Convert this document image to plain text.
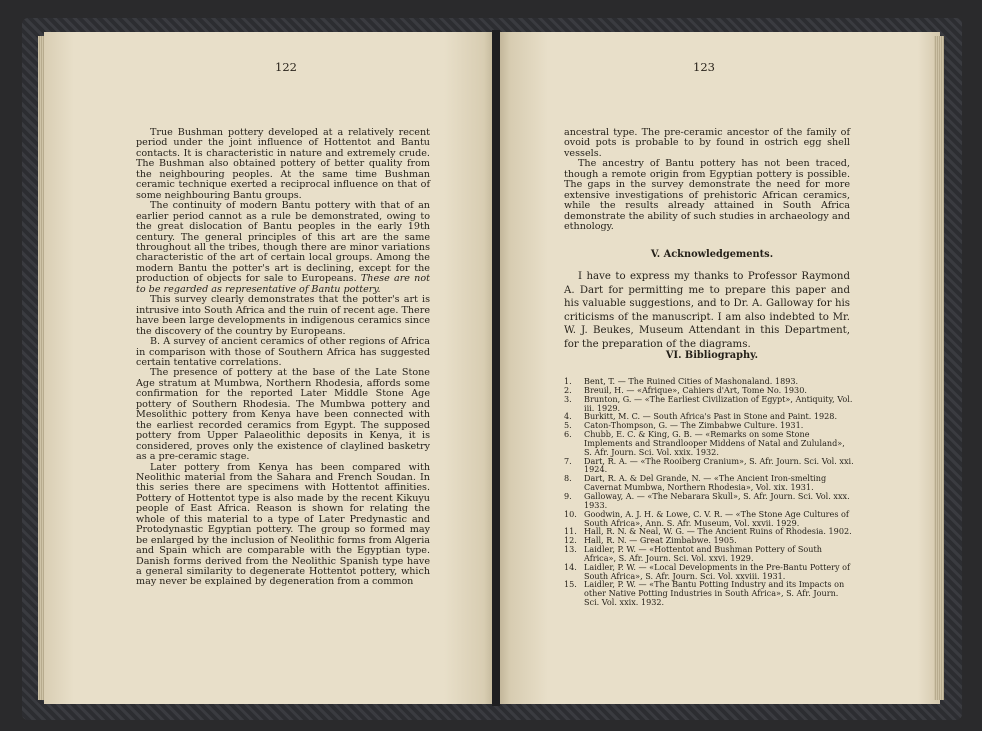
122	123

True Bushman pottery developed at a relatively recent period under the joint influence of Hottentot and Bantu contacts. It is characteristic in nature and extremely crude. The Bushman also obtained pottery of better quality from the neighbouring peoples. At the same time Bushman ceramic technique exerted a reciprocal influence on that of some neighbouring Bantu groups.

The continuity of modern Bantu pottery with that of an earlier period cannot as a rule be demonstrated, owing to the great dislocation of Bantu peoples in the early 19th century. The general principles of this art are the same throughout all the tribes, though there are minor variations characteristic of the art of certain local groups. Among the modern Bantu the potter's art is declining, except for the production of objects for sale to Europeans. These are not to be regarded as representative of Bantu pottery.

This survey clearly demonstrates that the potter's art is intrusive into South Africa and the ruin of recent age. There have been large developments in indigenous ceramics since the discovery of the country by Europeans.

B. A survey of ancient ceramics of other regions of Africa in comparison with those of Southern Africa has suggested certain tentative correlations.

The presence of pottery at the base of the Late Stone Age stratum at Mumbwa, Northern Rhodesia, affords some confirmation for the reported Later Middle Stone Age pottery of Southern Rhodesia. The Mumbwa pottery and Mesolithic pottery from Kenya have been connected with the earliest recorded ceramics from Egypt. The supposed pottery from Upper Palaeolithic deposits in Kenya, it is considered, proves only the existence of claylined basketry as a pre-ceramic stage.

Later pottery from Kenya has been compared with Neolithic material from the Sahara and French Soudan. In this series there are specimens with Hottentot affinities. Pottery of Hottentot type is also made by the recent Kikuyu people of East Africa. Reason is shown for relating the whole of this material to a type of Later Predynastic and Protodynastic Egyptian pottery. The group so formed may be enlarged by the inclusion of Neolithic forms from Algeria and Spain which are comparable with the Egyptian type. Danish forms derived from the Neolithic Spanish type have a general similarity to degenerate Hottentot pottery, which may never be explained by degeneration from a common

ancestral type. The pre-ceramic ancestor of the family of ovoid pots is probable to by found in ostrich egg shell vessels.

The ancestry of Bantu pottery has not been traced, though a remote origin from Egyptian pottery is possible. The gaps in the survey demonstrate the need for more extensive investigations of prehistoric African ceramics, while the results already attained in South Africa demonstrate the ability of such studies in archaeology and ethnology.

V. Acknowledgements.

I have to express my thanks to Professor Raymond A. Dart for permitting me to prepare this paper and his valuable suggestions, and to Dr. A. Galloway for his criticisms of the manuscript. I am also indebted to Mr. W. J. Beukes, Museum Attendant in this Department, for the preparation of the diagrams.

VI. Bibliography.
1.	Bent, T. — The Ruined Cities of Mashonaland. 1893.
2.	Breuil, H. — «Afrique», Cahiers d'Art, Tome No. 1930.
3.	Brunton, G. — «The Earliest Civilization of Egypt», Antiquity, Vol. iii. 1929.
4.	Burkitt, M. C. — South Africa's Past in Stone and Paint. 1928.
5.	Caton-Thompson, G. — The Zimbabwe Culture. 1931.
6.	Chubb, E. C. & King, G. B. — «Remarks on some Stone Implements and Strandlooper Middens of Natal and Zululand», S. Afr. Journ. Sci. Vol. xxix. 1932.
7.	Dart, R. A. — «The Rooiberg Cranium», S. Afr. Journ. Sci. Vol. xxi. 1924.
8.	Dart, R. A. & Del Grande, N. — «The Ancient Iron-smelting Cavernat Mumbwa, Northern Rhodesia», Vol. xix. 1931.
9.	Galloway, A. — «The Nebarara Skull», S. Afr. Journ. Sci. Vol. xxx. 1933.
10. Goodwin, A. J. H. & Lowe, C. V. R. — «The Stone Age Cultures of South Africa», Ann. S. Afr. Museum, Vol. xxvii. 1929.
11. Hall, R. N. & Neal, W. G. — The Ancient Ruins of Rhodesia. 1902.
12. Hall, R. N. — Great Zimbabwe. 1905.
13. Laidler, P. W. — «Hottentot and Bushman Pottery of South Africa», S. Afr. Journ. Sci. Vol. xxvi. 1929.
14. Laidler, P. W. — «Local Developments in the Pre-Bantu Pottery of South Africa», S. Afr. Journ. Sci. Vol. xxviii. 1931.
15. Laidler, P. W. — «The Bantu Potting Industry and its Impacts on other Native Potting Industries in South Africa», S. Afr. Journ. Sci. Vol. xxix. 1932.
